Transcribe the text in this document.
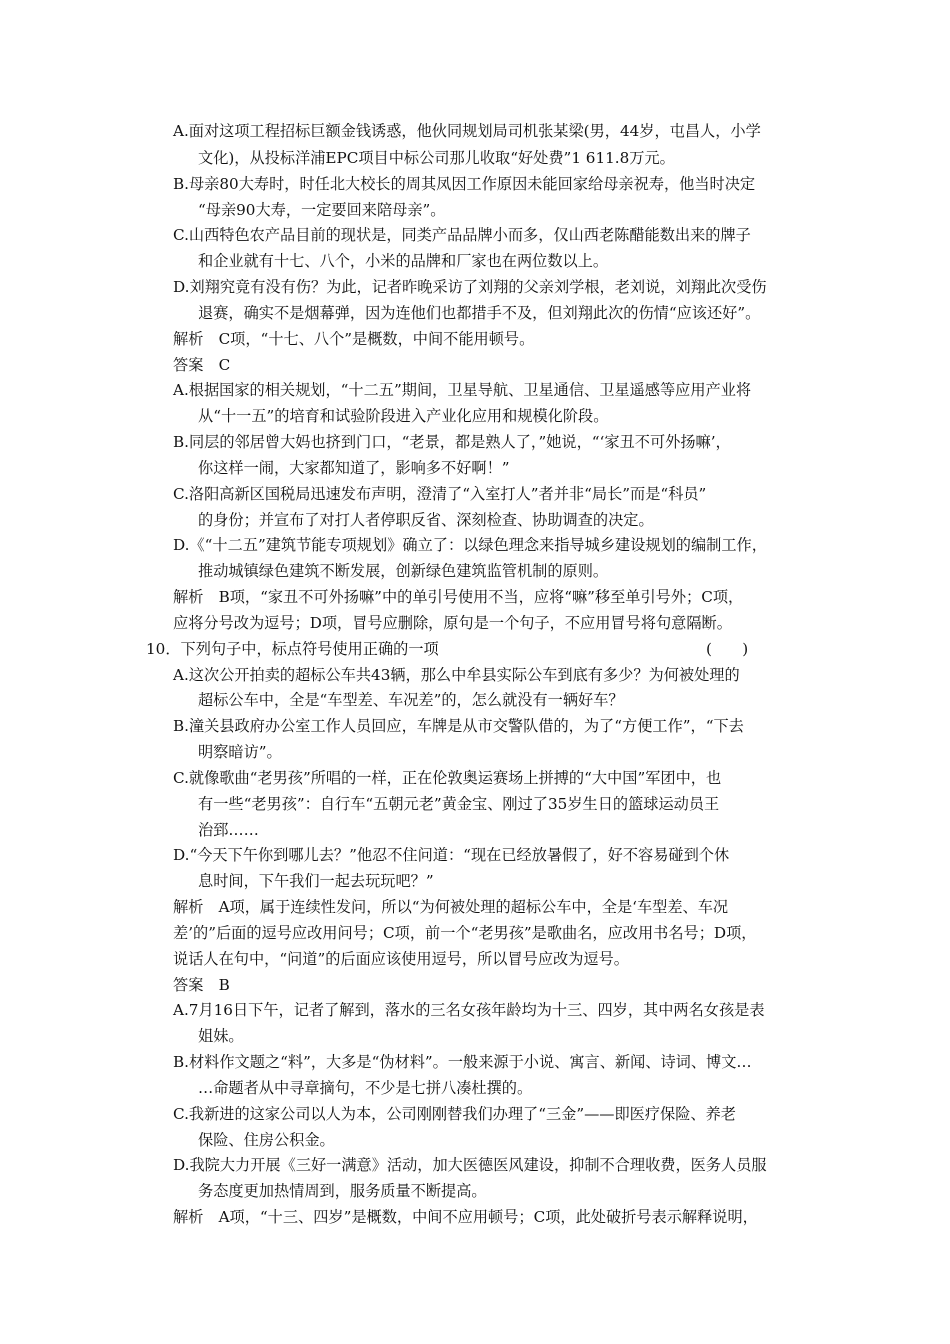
A.面对这项工程招标巨额金钱诱惑，他伙同规划局司机张某梁(男，44岁，屯昌人，小学
文化)，从投标洋浦EPC项目中标公司那儿收取“好处费”1 611.8万元。
B.母亲80大寿时，时任北大校长的周其凤因工作原因未能回家给母亲祝寿，他当时决定
“母亲90大寿，一定要回来陪母亲”。
C.山西特色农产品目前的现状是，同类产品品牌小而多，仅山西老陈醋能数出来的牌子
和企业就有十七、八个，小米的品牌和厂家也在两位数以上。
D.刘翔究竟有没有伤？为此，记者昨晚采访了刘翔的父亲刘学根，老刘说，刘翔此次受伤
退赛，确实不是烟幕弹，因为连他们也都措手不及，但刘翔此次的伤情“应该还好”。
解析　C项，“十七、八个”是概数，中间不能用顿号。
答案　C
A.根据国家的相关规划，“十二五”期间，卫星导航、卫星通信、卫星遥感等应用产业将
从“十一五”的培育和试验阶段进入产业化应用和规模化阶段。
B.同层的邻居曾大妈也挤到门口，“老景，都是熟人了，”她说，“‘家丑不可外扬嘛’，
你这样一闹，大家都知道了，影响多不好啊！”
C.洛阳高新区国税局迅速发布声明，澄清了“入室打人”者并非“局长”而是“科员”
的身份；并宣布了对打人者停职反省、深刻检查、协助调查的决定。
D.《“十二五”建筑节能专项规划》确立了：以绿色理念来指导城乡建设规划的编制工作，
推动城镇绿色建筑不断发展，创新绿色建筑监管机制的原则。
解析　B项，“家丑不可外扬嘛”中的单引号使用不当，应将“嘛”移至单引号外；C项，
应将分号改为逗号；D项，冒号应删除，原句是一个句子，不应用冒号将句意隔断。
10．下列句子中，标点符号使用正确的一项	(　　)
A.这次公开拍卖的超标公车共43辆，那么中牟县实际公车到底有多少？为何被处理的
超标公车中，全是“车型差、车况差”的，怎么就没有一辆好车？
B.潼关县政府办公室工作人员回应，车牌是从市交警队借的，为了“方便工作”，“下去
明察暗访”。
C.就像歌曲“老男孩”所唱的一样，正在伦敦奥运赛场上拼搏的“大中国”军团中，也
有一些“老男孩”：自行车“五朝元老”黄金宝、刚过了35岁生日的篮球运动员王
治郅……
D.“今天下午你到哪儿去？”他忍不住问道：“现在已经放暑假了，好不容易碰到个休
息时间，下午我们一起去玩玩吧？”
解析　A项，属于连续性发问，所以“为何被处理的超标公车中，全是‘车型差、车况
差’的”后面的逗号应改用问号；C项，前一个“老男孩”是歌曲名，应改用书名号；D项，
说话人在句中，“问道”的后面应该使用逗号，所以冒号应改为逗号。
答案　B
A.7月16日下午，记者了解到，落水的三名女孩年龄均为十三、四岁，其中两名女孩是表
姐妹。
B.材料作文题之“料”，大多是“伪材料”。一般来源于小说、寓言、新闻、诗词、博文…
…命题者从中寻章摘句，不少是七拼八凑杜撰的。
C.我新进的这家公司以人为本，公司刚刚替我们办理了“三金”——即医疗保险、养老
保险、住房公积金。
D.我院大力开展《三好一满意》活动，加大医德医风建设，抑制不合理收费，医务人员服
务态度更加热情周到，服务质量不断提高。
解析　A项，“十三、四岁”是概数，中间不应用顿号；C项，此处破折号表示解释说明，
